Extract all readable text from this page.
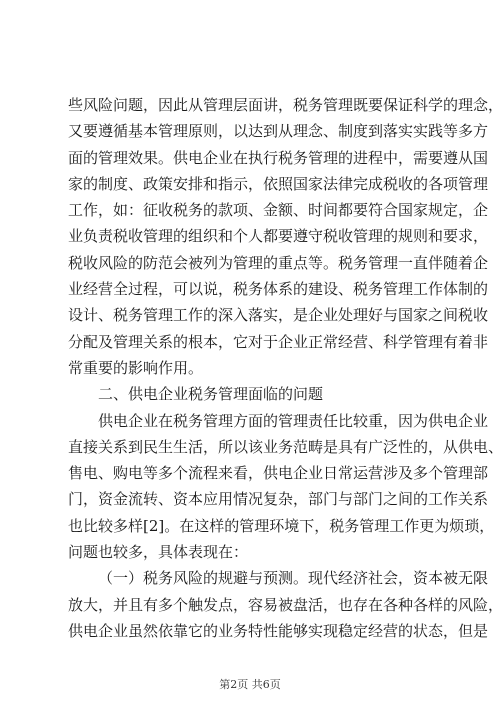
些风险问题，因此从管理层面讲，税务管理既要保证科学的理念，
又要遵循基本管理原则，以达到从理念、制度到落实实践等多方
面的管理效果。供电企业在执行税务管理的进程中，需要遵从国
家的制度、政策安排和指示，依照国家法律完成税收的各项管理
工作，如：征收税务的款项、金额、时间都要符合国家规定，企
业负责税收管理的组织和个人都要遵守税收管理的规则和要求，
税收风险的防范会被列为管理的重点等。税务管理一直伴随着企
业经营全过程，可以说，税务体系的建设、税务管理工作体制的
设计、税务管理工作的深入落实，是企业处理好与国家之间税收
分配及管理关系的根本，它对于企业正常经营、科学管理有着非
常重要的影响作用。
二、供电企业税务管理面临的问题
供电企业在税务管理方面的管理责任比较重，因为供电企业
直接关系到民生生活，所以该业务范畴是具有广泛性的，从供电、
售电、购电等多个流程来看，供电企业日常运营涉及多个管理部
门，资金流转、资本应用情况复杂，部门与部门之间的工作关系
也比较多样[2]。在这样的管理环境下，税务管理工作更为烦琐，
问题也较多，具体表现在：
（一）税务风险的规避与预测。现代经济社会，资本被无限
放大，并且有多个触发点，容易被盘活，也存在各种各样的风险，
供电企业虽然依靠它的业务特性能够实现稳定经营的状态，但是
第2页 共6页
